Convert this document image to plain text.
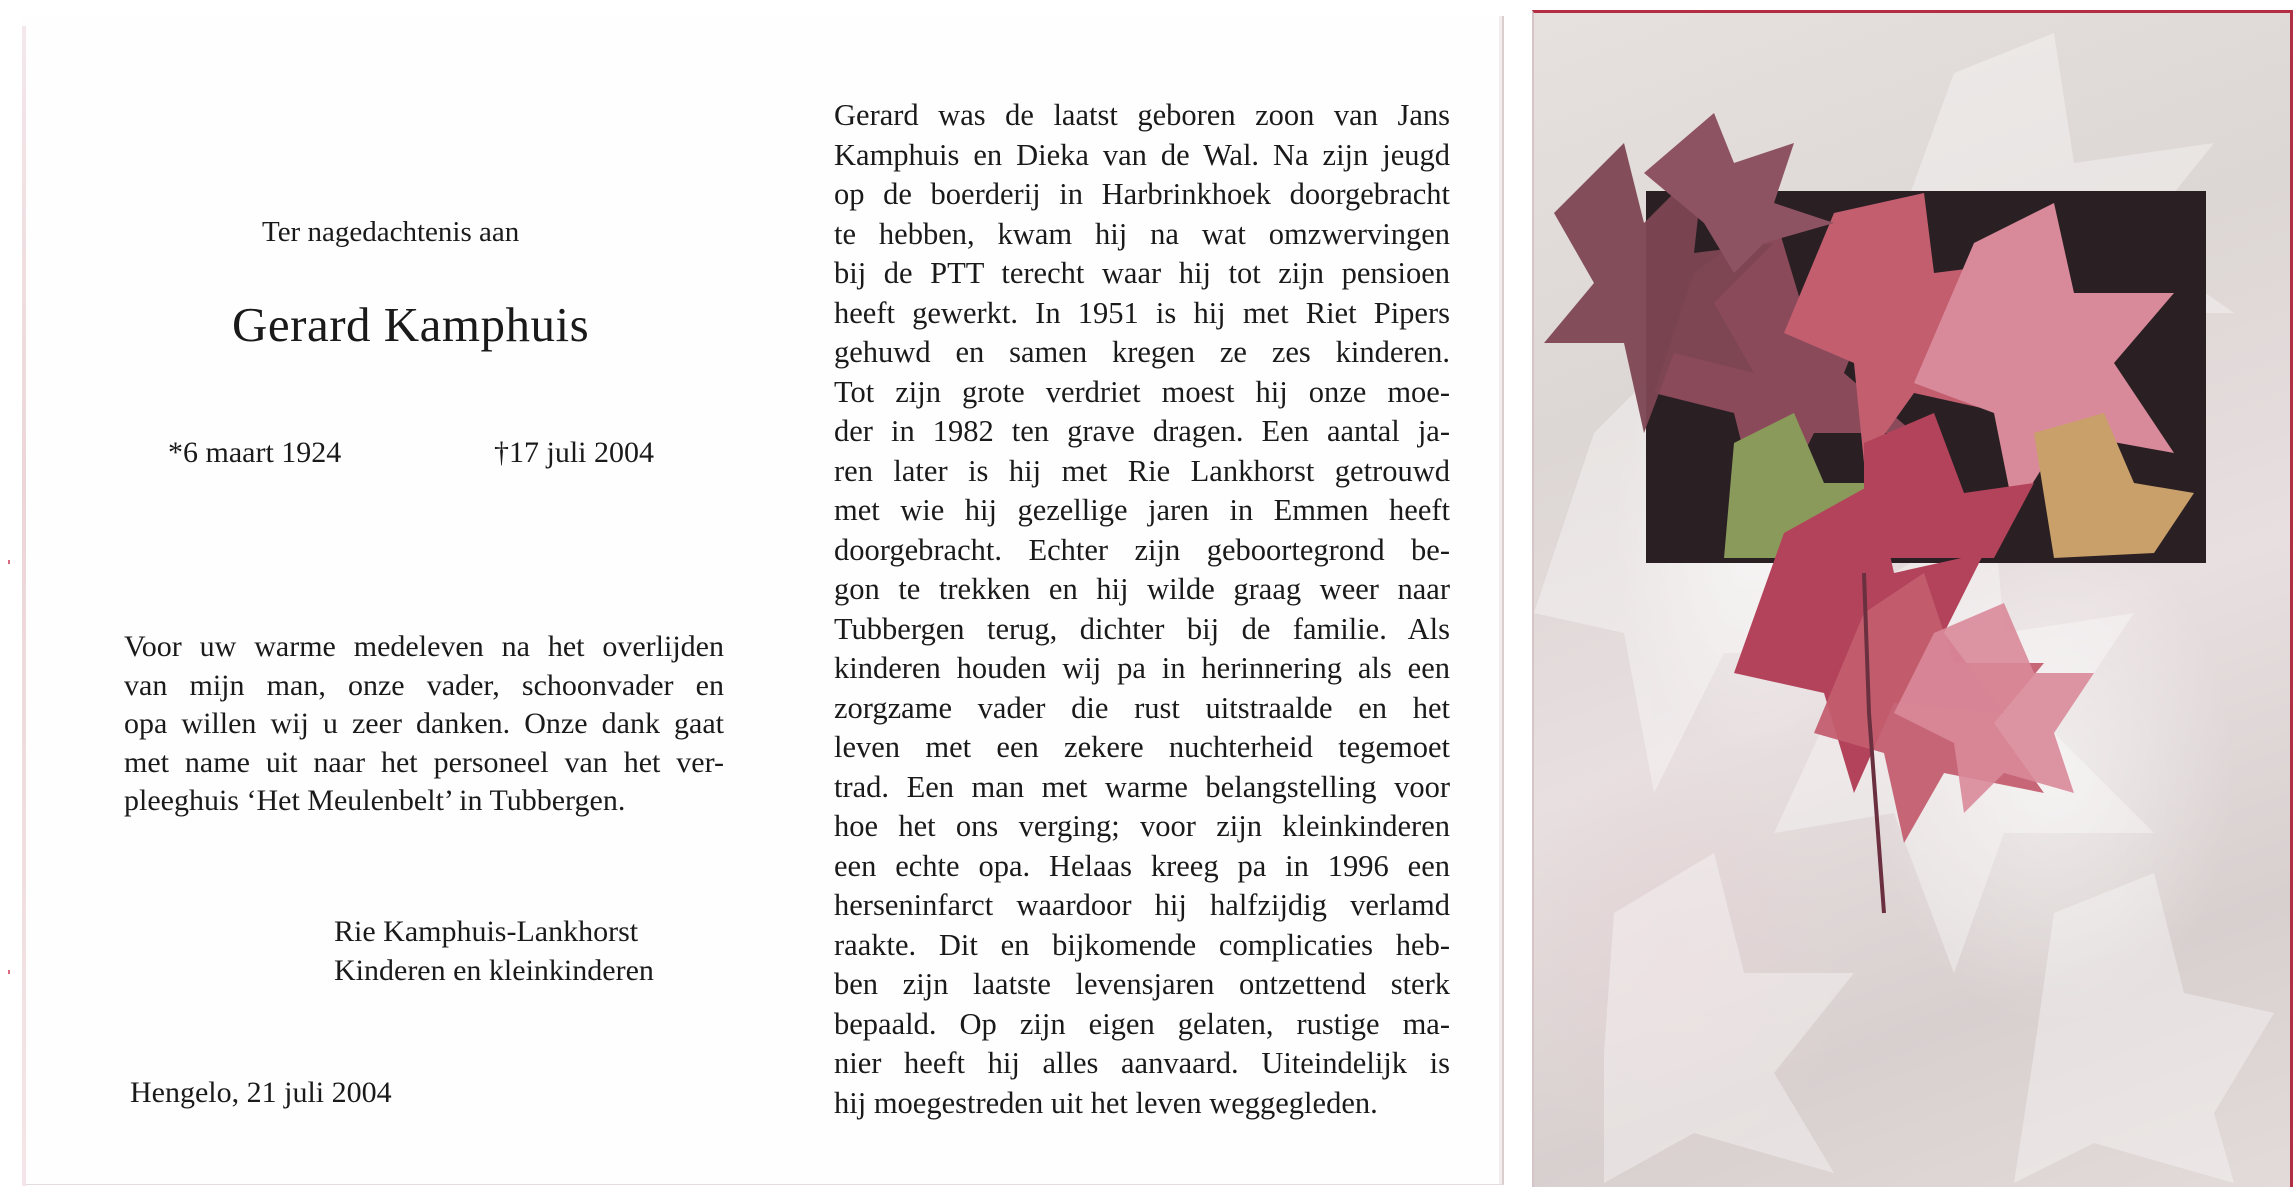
Ter nagedachtenis aan
Gerard Kamphuis
*6 maart 1924	†17 juli 2004
Voor uw warme medeleven na het overlijden
van mijn man, onze vader, schoonvader en
opa willen wij u zeer danken. Onze dank gaat
met name uit naar het personeel van het ver-
pleeghuis ‘Het Meulenbelt’ in Tubbergen.
Rie Kamphuis-Lankhorst
Kinderen en kleinkinderen
Hengelo, 21 juli 2004
Gerard was de laatst geboren zoon van Jans
Kamphuis en Dieka van de Wal. Na zijn jeugd
op de boerderij in Harbrinkhoek doorgebracht
te hebben, kwam hij na wat omzwervingen
bij de PTT terecht waar hij tot zijn pensioen
heeft gewerkt. In 1951 is hij met Riet Pipers
gehuwd en samen kregen ze zes kinderen.
Tot zijn grote verdriet moest hij onze moe-
der in 1982 ten grave dragen. Een aantal ja-
ren later is hij met Rie Lankhorst getrouwd
met wie hij gezellige jaren in Emmen heeft
doorgebracht. Echter zijn geboortegrond be-
gon te trekken en hij wilde graag weer naar
Tubbergen terug, dichter bij de familie. Als
kinderen houden wij pa in herinnering als een
zorgzame vader die rust uitstraalde en het
leven met een zekere nuchterheid tegemoet
trad. Een man met warme belangstelling voor
hoe het ons verging; voor zijn kleinkinderen
een echte opa. Helaas kreeg pa in 1996 een
herseninfarct waardoor hij halfzijdig verlamd
raakte. Dit en bijkomende complicaties heb-
ben zijn laatste levensjaren ontzettend sterk
bepaald. Op zijn eigen gelaten, rustige ma-
nier heeft hij alles aanvaard. Uiteindelijk is
hij moegestreden uit het leven weggegleden.
